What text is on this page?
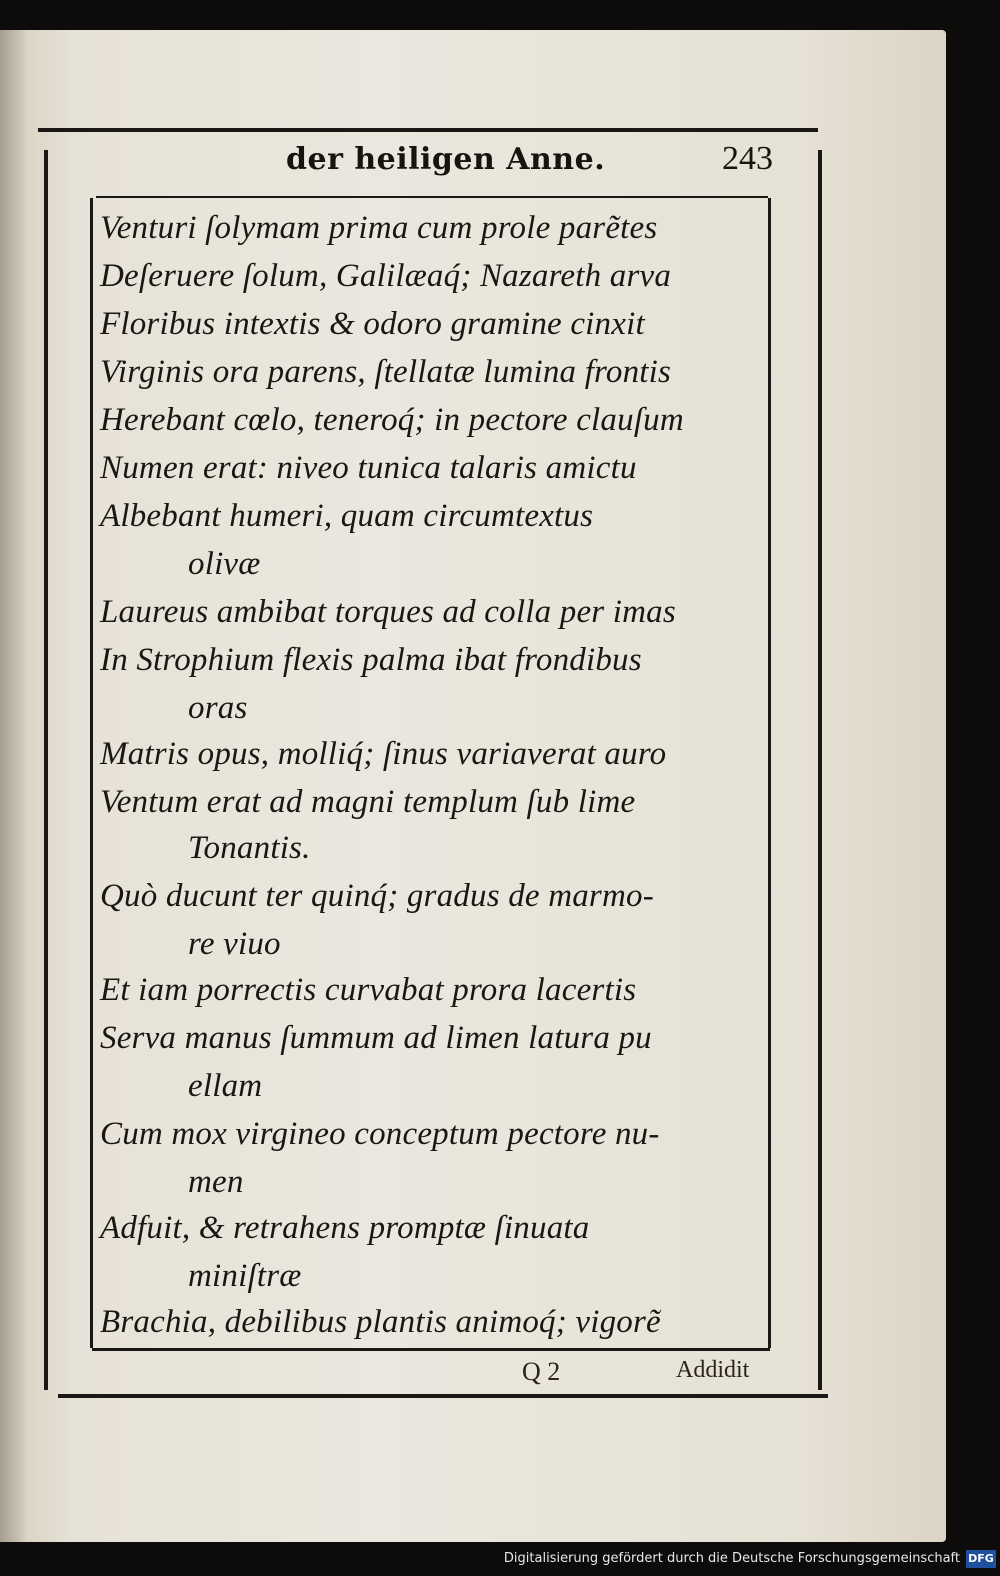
der heiligen Anne.	243
Venturi ſolymam prima cum prole parẽtes
Deſeruere ſolum, Galilæaq́; Nazareth arva
Floribus intextis & odoro gramine cinxit
Virginis ora parens, ſtellatæ lumina frontis
Herebant cœlo, teneroq́; in pectore clauſum
Numen erat: niveo tunica talaris amictu
Albebant humeri, quam circumtextus
olivæ
Laureus ambibat torques ad colla per imas
In Strophium flexis palma ibat frondibus
oras
Matris opus, molliq́; ſinus variaverat auro
Ventum erat ad magni templum ſub lime
Tonantis.
Quò ducunt ter quinq́; gradus de marmo-
re viuo
Et iam porrectis curvabat prora lacertis
Serva manus ſummum ad limen latura pu
ellam
Cum mox virgineo conceptum pectore nu-
men
Adfuit, & retrahens promptæ ſinuata
miniſtræ
Brachia, debilibus plantis animoq́; vigorẽ
Q 2	Addidit
Digitalisierung gefördert durch die Deutsche Forschungsgemeinschaft DFG
